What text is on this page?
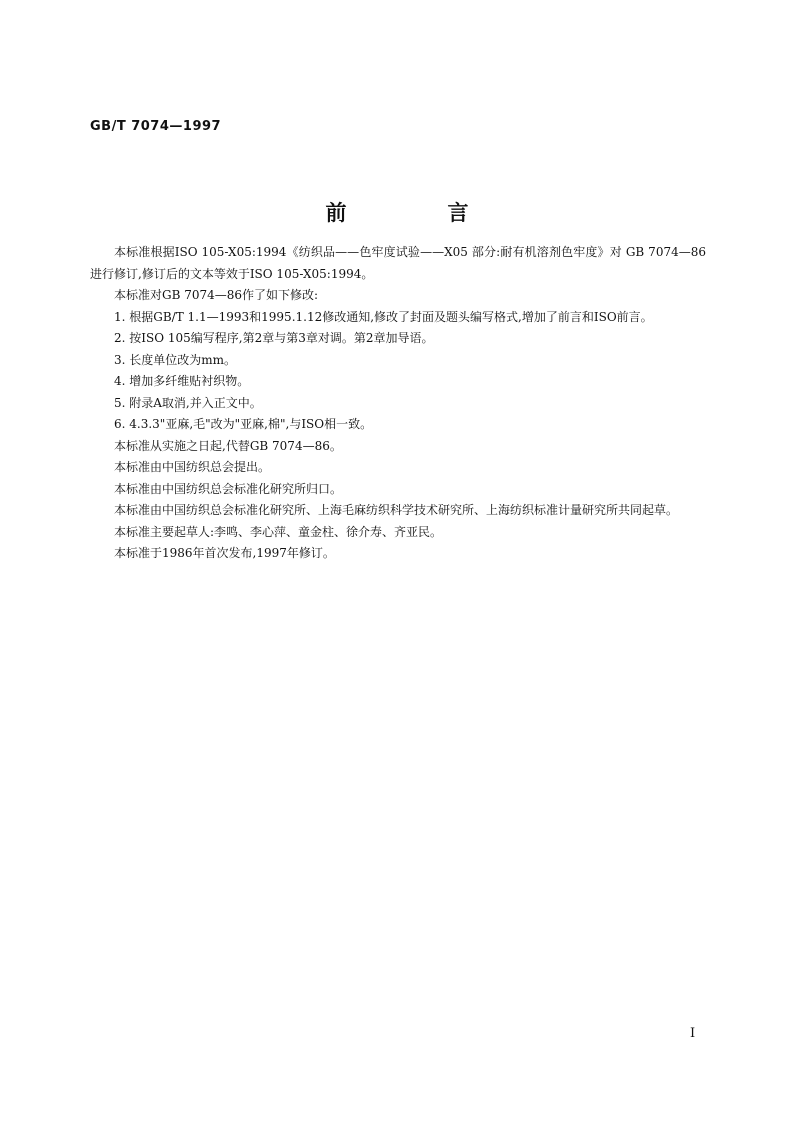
GB/T 7074—1997
前　言

本标准根据ISO 105-X05:1994《纺织品——色牢度试验——X05 部分:耐有机溶剂色牢度》对 GB 7074—86进行修订,修订后的文本等效于ISO 105-X05:1994。

本标准对GB 7074—86作了如下修改:

1. 根据GB/T 1.1—1993和1995.1.12修改通知,修改了封面及题头编写格式,增加了前言和ISO前言。

2. 按ISO 105编写程序,第2章与第3章对调。第2章加导语。

3. 长度单位改为mm。

4. 增加多纤维贴衬织物。

5. 附录A取消,并入正文中。

6. 4.3.3"亚麻,毛"改为"亚麻,棉",与ISO相一致。

本标准从实施之日起,代替GB 7074—86。

本标准由中国纺织总会提出。

本标准由中国纺织总会标准化研究所归口。

本标准由中国纺织总会标准化研究所、上海毛麻纺织科学技术研究所、上海纺织标准计量研究所共同起草。

本标准主要起草人:李鸣、李心萍、童金柱、徐介寿、齐亚民。

本标准于1986年首次发布,1997年修订。

I
